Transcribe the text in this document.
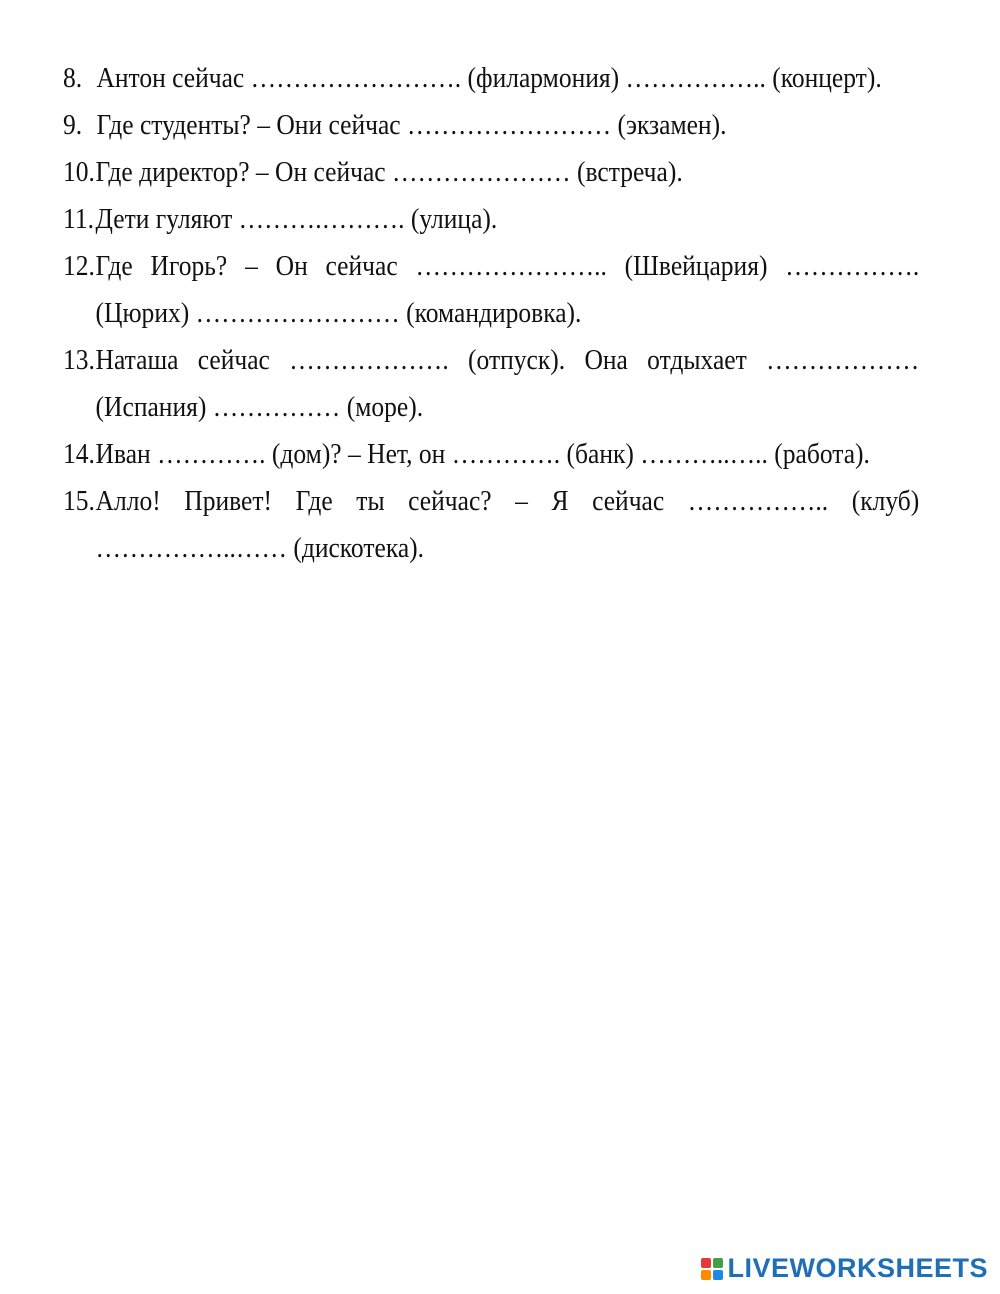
8. Антон сейчас ……………………. (филармония) …………….. (концерт).
9. Где студенты? – Они сейчас …………………… (экзамен).
10. Где директор? – Он сейчас ………………… (встреча).
11. Дети гуляют ……….………. (улица).
12. Где Игорь? – Он сейчас ………………….. (Швейцария) ……………. (Цюрих) …………………… (командировка).
13. Наташа сейчас ………………. (отпуск). Она отдыхает ……………… (Испания) …………… (море).
14. Иван …………. (дом)? – Нет, он …………. (банк) ………..….. (работа).
15. Алло! Привет! Где ты сейчас? – Я сейчас …………….. (клуб) ……………..…… (дискотека).
LIVEWORKSHEETS
